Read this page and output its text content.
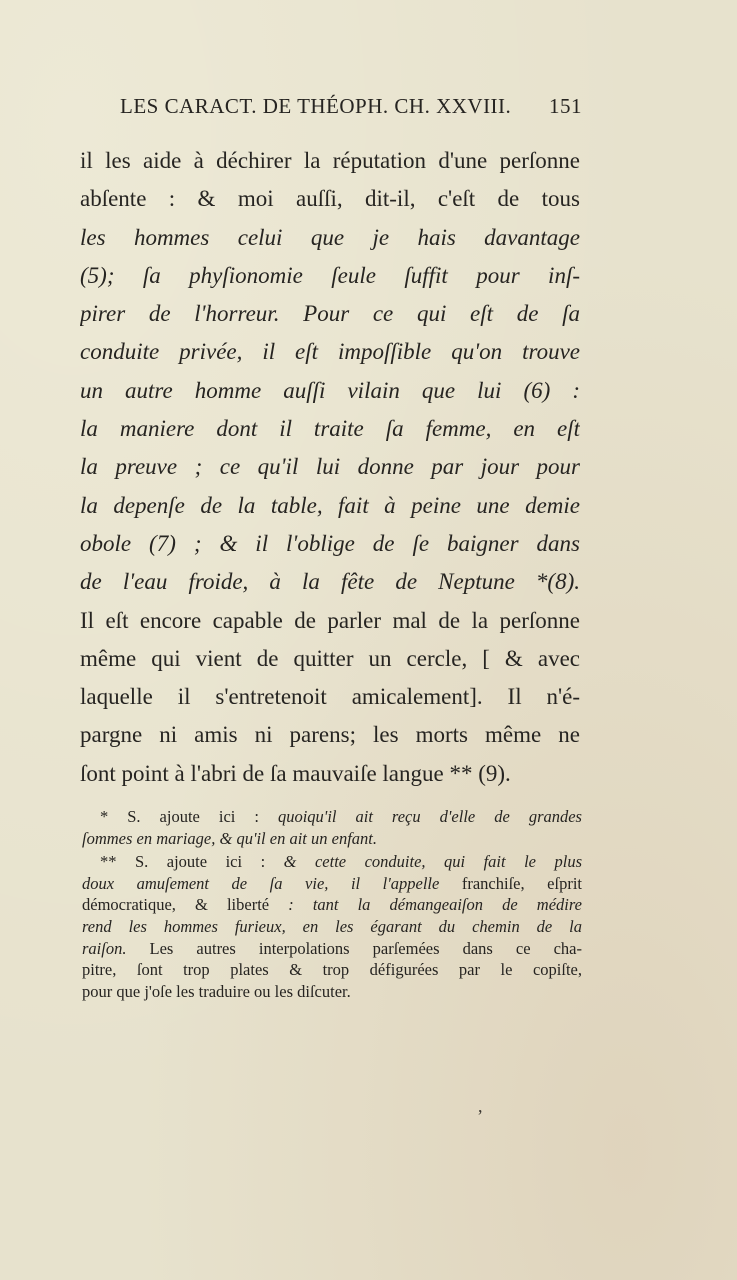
LES CARACT. DE THÉOPH. CH. XXVIII. 151
il les aide à déchirer la réputation d'une perſonne
abſente : & moi auſſi, dit-il, c'eſt de tous
les hommes celui que je hais davantage
(5); ſa phyſionomie ſeule ſuffit pour inſ-
pirer de l'horreur. Pour ce qui eſt de ſa
conduite privée, il eſt impoſſible qu'on trouve
un autre homme auſſi vilain que lui (6) :
la maniere dont il traite ſa femme, en eſt
la preuve ; ce qu'il lui donne par jour pour
la depenſe de la table, fait à peine une demie
obole (7) ; & il l'oblige de ſe baigner dans
de l'eau froide, à la fête de Neptune *(8).
Il eſt encore capable de parler mal de la perſonne
même qui vient de quitter un cercle, [ & avec
laquelle il s'entretenoit amicalement]. Il n'é-
pargne ni amis ni parens; les morts même ne
ſont point à l'abri de ſa mauvaiſe langue ** (9).
* S. ajoute ici : quoiqu'il ait reçu d'elle de grandes
ſommes en mariage, & qu'il en ait un enfant.
** S. ajoute ici : & cette conduite, qui fait le plus
doux amuſement de ſa vie, il l'appelle franchiſe, eſprit
démocratique, & liberté : tant la démangeaiſon de médire
rend les hommes furieux, en les égarant du chemin de la
raiſon. Les autres interpolations parſemées dans ce cha-
pitre, ſont trop plates & trop défigurées par le copiſte,
pour que j'oſe les traduire ou les diſcuter.
,
